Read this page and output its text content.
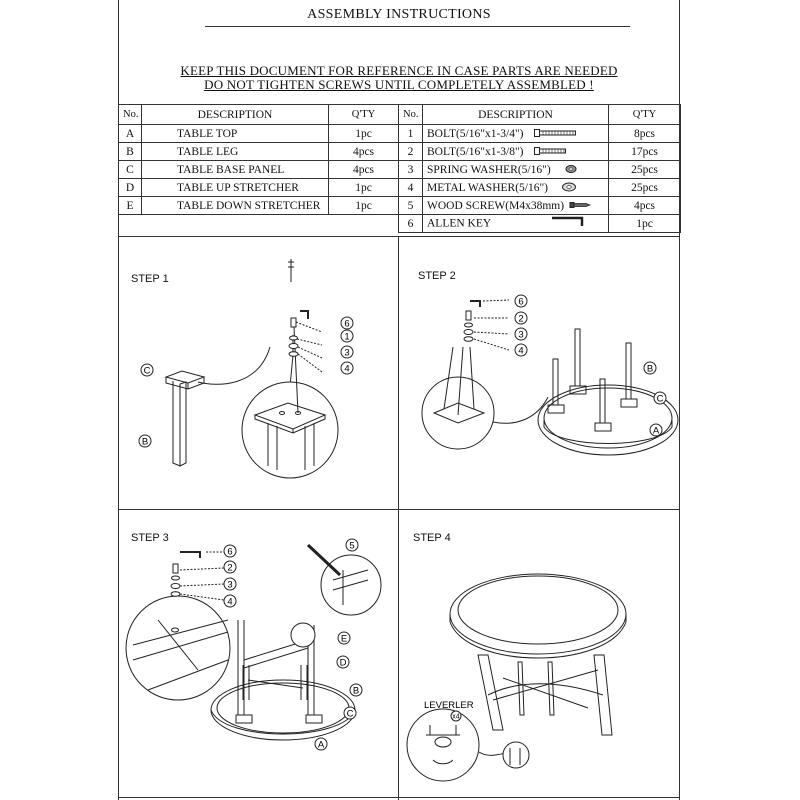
ASSEMBLY INSTRUCTIONS
KEEP THIS DOCUMENT FOR REFERENCE IN CASE PARTS ARE NEEDED
DO NOT TIGHTEN SCREWS UNTIL COMPLETELY ASSEMBLED !
No.	DESCRIPTION	Q'TY	No.	DESCRIPTION	Q'TY
A	TABLE TOP	1pc	1	BOLT(5/16"x1-3/4")	8pcs
B	TABLE LEG	4pcs	2	BOLT(5/16"x1-3/8")	17pcs
C	TABLE BASE PANEL	4pcs	3	SPRING WASHER(5/16")	25pcs
D	TABLE UP STRETCHER	1pc	4	METAL WASHER(5/16")	25pcs
E	TABLE DOWN STRETCHER	1pc	5	WOOD SCREW(M4x38mm)	4pcs
			6	ALLEN KEY	1pc
STEP 1
6
1
3
4
C
B
STEP 2
6
2
3
4
B
C
A
STEP 3
6
2
3
4
5
E
D
B
C
A
STEP 4
LEVERLER
x4
